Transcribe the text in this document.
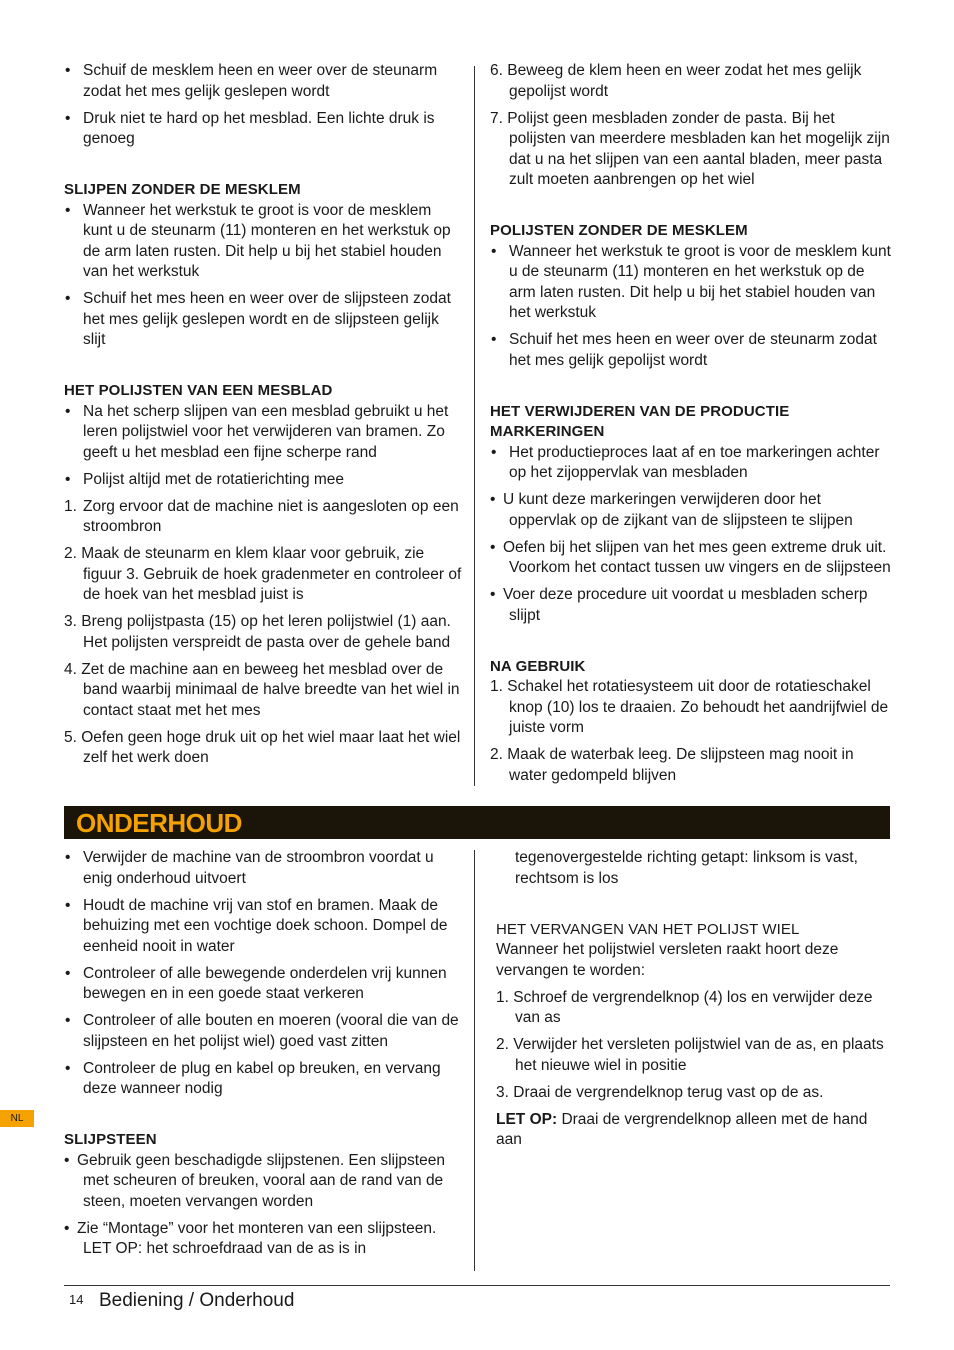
• Schuif de mesklem heen en weer over de steunarm zodat het mes gelijk geslepen wordt
• Druk niet te hard op het mesblad. Een lichte druk is genoeg

SLIJPEN ZONDER DE MESKLEM

• Wanneer het werkstuk te groot is voor de mesklem kunt u de steunarm (11) monteren en het werkstuk op de arm laten rusten. Dit help u bij het stabiel houden van het werkstuk
• Schuif het mes heen en weer over de slijpsteen zodat het mes gelijk geslepen wordt en de slijpsteen gelijk slijt

HET POLIJSTEN VAN EEN MESBLAD

• Na het scherp slijpen van een mesblad gebruikt u het leren polijstwiel voor het verwijderen van bramen. Zo geeft u het mesblad een fijne scherpe rand
• Polijst altijd met de rotatierichting mee
1. Zorg ervoor dat de machine niet is aangesloten op een stroombron
2. Maak de steunarm en klem klaar voor gebruik, zie figuur 3. Gebruik de hoek gradenmeter en controleer of de hoek van het mesblad juist is
3. Breng polijstpasta (15) op het leren polijstwiel (1) aan. Het polijsten verspreidt de pasta over de gehele band
4. Zet de machine aan en beweeg het mesblad over de band waarbij minimaal de halve breedte van het wiel in contact staat met het mes
5. Oefen geen hoge druk uit op het wiel maar laat het wiel zelf het werk doen
6. Beweeg de klem heen en weer zodat het mes gelijk gepolijst wordt
7. Polijst geen mesbladen zonder de pasta. Bij het polijsten van meerdere mesbladen kan het mogelijk zijn dat u na het slijpen van een aantal bladen, meer pasta zult moeten aanbrengen op het wiel

POLIJSTEN ZONDER DE MESKLEM

• Wanneer het werkstuk te groot is voor de mesklem kunt u de steunarm (11) monteren en het werkstuk op de arm laten rusten. Dit help u bij het stabiel houden van het werkstuk
• Schuif het mes heen en weer over de steunarm zodat het mes gelijk gepolijst wordt

HET VERWIJDEREN VAN DE PRODUCTIE MARKERINGEN

• Het productieproces laat af en toe markeringen achter op het zijoppervlak van mesbladen
• U kunt deze markeringen verwijderen door het oppervlak op de zijkant van de slijpsteen te slijpen
• Oefen bij het slijpen van het mes geen extreme druk uit. Voorkom het contact tussen uw vingers en de slijpsteen
• Voer deze procedure uit voordat u mesbladen scherp slijpt

NA GEBRUIK

1. Schakel het rotatiesysteem uit door de rotatieschakel knop (10) los te draaien. Zo behoudt het aandrijfwiel de juiste vorm
2. Maak de waterbak leeg. De slijpsteen mag nooit in water gedompeld blijven
ONDERHOUD
• Verwijder de machine van de stroombron voordat u enig onderhoud uitvoert
• Houdt de machine vrij van stof en bramen. Maak de behuizing met een vochtige doek schoon. Dompel de eenheid nooit in water
• Controleer of alle bewegende onderdelen vrij kunnen bewegen en in een goede staat verkeren
• Controleer of alle bouten en moeren (vooral die van de slijpsteen en het polijst wiel) goed vast zitten
• Controleer de plug en kabel op breuken, en vervang deze wanneer nodig

SLIJPSTEEN

• Gebruik geen beschadigde slijpstenen. Een slijpsteen met scheuren of breuken, vooral aan de rand van de steen, moeten vervangen worden
• Zie “Montage” voor het monteren van een slijpsteen. LET OP: het schroefdraad van de as is in

tegenovergestelde richting getapt: linksom is vast, rechtsom is los

HET VERVANGEN VAN HET POLIJST WIEL

Wanneer het polijstwiel versleten raakt hoort deze vervangen te worden:

1. Schroef de vergrendelknop (4) los en verwijder deze van as
2. Verwijder het versleten polijstwiel van de as, en plaats het nieuwe wiel in positie
3. Draai de vergrendelknop terug vast op de as.

LET OP: Draai de vergrendelknop alleen met de hand aan

NL
14 Bediening / Onderhoud
